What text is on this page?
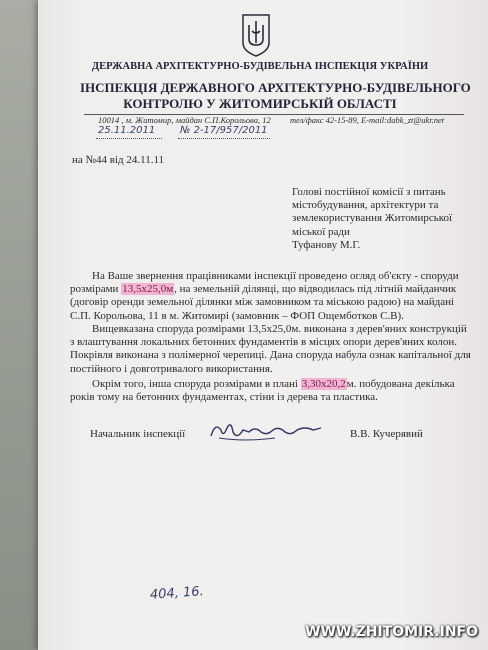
ДЕРЖАВНА АРХІТЕКТУРНО-БУДІВЕЛЬНА ІНСПЕКЦІЯ УКРАЇНИ
ІНСПЕКЦІЯ ДЕРЖАВНОГО АРХІТЕКТУРНО-БУДІВЕЛЬНОГО
КОНТРОЛЮ У ЖИТОМИРСЬКІЙ ОБЛАСТІ
10014 , м. Житомир, майдан С.П.Корольова, 12 тел/факс 42-15-89, E-mail:dabk_zt@ukr.net
25.11.2011 № 2-17/957/2011
на №44 від 24.11.11
Голові постійної комісії з питань
містобудування, архітектури та
землекористування Житомирської
міської ради
Туфанову М.Г.
На Ваше звернення працівниками інспекції проведено огляд об'єкту - споруди
розмірами 13,5х25,0м, на земельній ділянці, що відводилась під літній майданчик
(договір оренди земельної ділянки між замовником та міською радою) на майдані
С.П. Корольова, 11 в м. Житомирі (замовник – ФОП Ощемботков С.В).
Вищевказана споруда розмірами 13,5х25,0м. виконана з дерев'яних конструкцій
з влаштування локальних бетонних фундаментів в місцях опори дерев'яних колон.
Покрівля виконана з полімерної черепиці. Дана споруда набула ознак капітальної для
постійного і довготривалого використання.
Окрім того, інша споруда розмірами в плані 3,30х20,2м. побудована декілька
років тому на бетонних фундаментах, стіни із дерева та пластика.
Начальник інспекції	В.В. Кучерявий
404, 16.
WWW.ZHITOMIR.INFO
